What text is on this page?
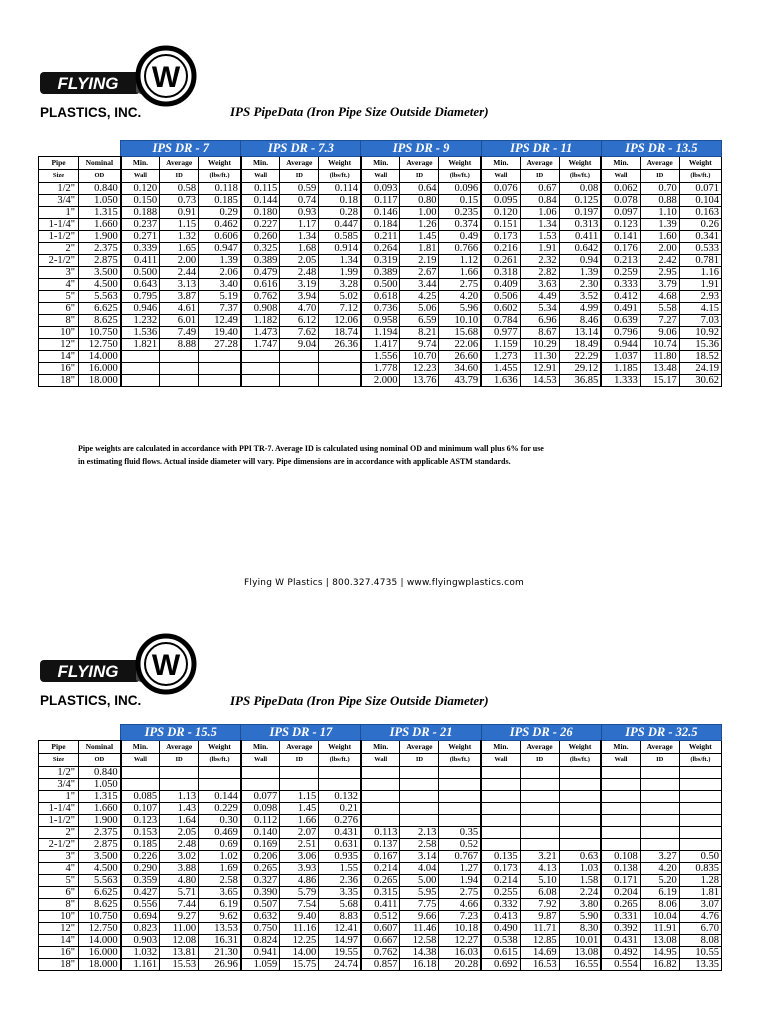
FLYING W
PLASTICS, INC.	IPS PipeData (Iron Pipe Size Outside Diameter)
		IPS DR - 7			IPS DR - 7.3			IPS DR - 9			IPS DR - 11			IPS DR - 13.5		
Pipe	Nominal	Min.	Average	Weight	Min.	Average	Weight	Min.	Average	Weight	Min.	Average	Weight	Min.	Average	Weight
Size	OD	Wall	ID	(lbs/ft.)	Wall	ID	(lbs/ft.)	Wall	ID	(lbs/ft.)	Wall	ID	(lbs/ft.)	Wall	ID	(lbs/ft.)
1/2"	0.840	0.120	0.58	0.118	0.115	0.59	0.114	0.093	0.64	0.096	0.076	0.67	0.08	0.062	0.70	0.071
3/4"	1.050	0.150	0.73	0.185	0.144	0.74	0.18	0.117	0.80	0.15	0.095	0.84	0.125	0.078	0.88	0.104
1"	1.315	0.188	0.91	0.29	0.180	0.93	0.28	0.146	1.00	0.235	0.120	1.06	0.197	0.097	1.10	0.163
1-1/4"	1.660	0.237	1.15	0.462	0.227	1.17	0.447	0.184	1.26	0.374	0.151	1.34	0.313	0.123	1.39	0.26
1-1/2"	1.900	0.271	1.32	0.606	0.260	1.34	0.585	0.211	1.45	0.49	0.173	1.53	0.411	0.141	1.60	0.341
2"	2.375	0.339	1.65	0.947	0.325	1.68	0.914	0.264	1.81	0.766	0.216	1.91	0.642	0.176	2.00	0.533
2-1/2"	2.875	0.411	2.00	1.39	0.389	2.05	1.34	0.319	2.19	1.12	0.261	2.32	0.94	0.213	2.42	0.781
3"	3.500	0.500	2.44	2.06	0.479	2.48	1.99	0.389	2.67	1.66	0.318	2.82	1.39	0.259	2.95	1.16
4"	4.500	0.643	3.13	3.40	0.616	3.19	3.28	0.500	3.44	2.75	0.409	3.63	2.30	0.333	3.79	1.91
5"	5.563	0.795	3.87	5.19	0.762	3.94	5.02	0.618	4.25	4.20	0.506	4.49	3.52	0.412	4.68	2.93
6"	6.625	0.946	4.61	7.37	0.908	4.70	7.12	0.736	5.06	5.96	0.602	5.34	4.99	0.491	5.58	4.15
8"	8.625	1.232	6.01	12.49	1.182	6.12	12.06	0.958	6.59	10.10	0.784	6.96	8.46	0.639	7.27	7.03
10"	10.750	1.536	7.49	19.40	1.473	7.62	18.74	1.194	8.21	15.68	0.977	8.67	13.14	0.796	9.06	10.92
12"	12.750	1.821	8.88	27.28	1.747	9.04	26.36	1.417	9.74	22.06	1.159	10.29	18.49	0.944	10.74	15.36
14"	14.000							1.556	10.70	26.60	1.273	11.30	22.29	1.037	11.80	18.52
16"	16.000							1.778	12.23	34.60	1.455	12.91	29.12	1.185	13.48	24.19
18"	18.000							2.000	13.76	43.79	1.636	14.53	36.85	1.333	15.17	30.62
Pipe weights are calculated in accordance with PPI TR-7. Average ID is calculated using nominal OD and minimum wall plus 6% for use
in estimating fluid flows. Actual inside diameter will vary. Pipe dimensions are in accordance with applicable ASTM standards.
Flying W Plastics | 800.327.4735 | www.flyingwplastics.com
FLYING W
PLASTICS, INC.	IPS PipeData (Iron Pipe Size Outside Diameter)
		IPS DR - 15.5			IPS DR - 17			IPS DR - 21			IPS DR - 26			IPS DR - 32.5		
Pipe	Nominal	Min.	Average	Weight	Min.	Average	Weight	Min.	Average	Weight	Min.	Average	Weight	Min.	Average	Weight
Size	OD	Wall	ID	(lbs/ft.)	Wall	ID	(lbs/ft.)	Wall	ID	(lbs/ft.)	Wall	ID	(lbs/ft.)	Wall	ID	(lbs/ft.)
1/2"	0.840															
3/4"	1.050															
1"	1.315	0.085	1.13	0.144	0.077	1.15	0.132									
1-1/4"	1.660	0.107	1.43	0.229	0.098	1.45	0.21									
1-1/2"	1.900	0.123	1.64	0.30	0.112	1.66	0.276									
2"	2.375	0.153	2.05	0.469	0.140	2.07	0.431	0.113	2.13	0.35						
2-1/2"	2.875	0.185	2.48	0.69	0.169	2.51	0.631	0.137	2.58	0.52						
3"	3.500	0.226	3.02	1.02	0.206	3.06	0.935	0.167	3.14	0.767	0.135	3.21	0.63	0.108	3.27	0.50
4"	4.500	0.290	3.88	1.69	0.265	3.93	1.55	0.214	4.04	1.27	0.173	4.13	1.03	0.138	4.20	0.835
5"	5.563	0.359	4.80	2.58	0.327	4.86	2.36	0.265	5.00	1.94	0.214	5.10	1.58	0.171	5.20	1.28
6"	6.625	0.427	5.71	3.65	0.390	5.79	3.35	0.315	5.95	2.75	0.255	6.08	2.24	0.204	6.19	1.81
8"	8.625	0.556	7.44	6.19	0.507	7.54	5.68	0.411	7.75	4.66	0.332	7.92	3.80	0.265	8.06	3.07
10"	10.750	0.694	9.27	9.62	0.632	9.40	8.83	0.512	9.66	7.23	0.413	9.87	5.90	0.331	10.04	4.76
12"	12.750	0.823	11.00	13.53	0.750	11.16	12.41	0.607	11.46	10.18	0.490	11.71	8.30	0.392	11.91	6.70
14"	14.000	0.903	12.08	16.31	0.824	12.25	14.97	0.667	12.58	12.27	0.538	12.85	10.01	0.431	13.08	8.08
16"	16.000	1.032	13.81	21.30	0.941	14.00	19.55	0.762	14.38	16.03	0.615	14.69	13.08	0.492	14.95	10.55
18"	18.000	1.161	15.53	26.96	1.059	15.75	24.74	0.857	16.18	20.28	0.692	16.53	16.55	0.554	16.82	13.35
